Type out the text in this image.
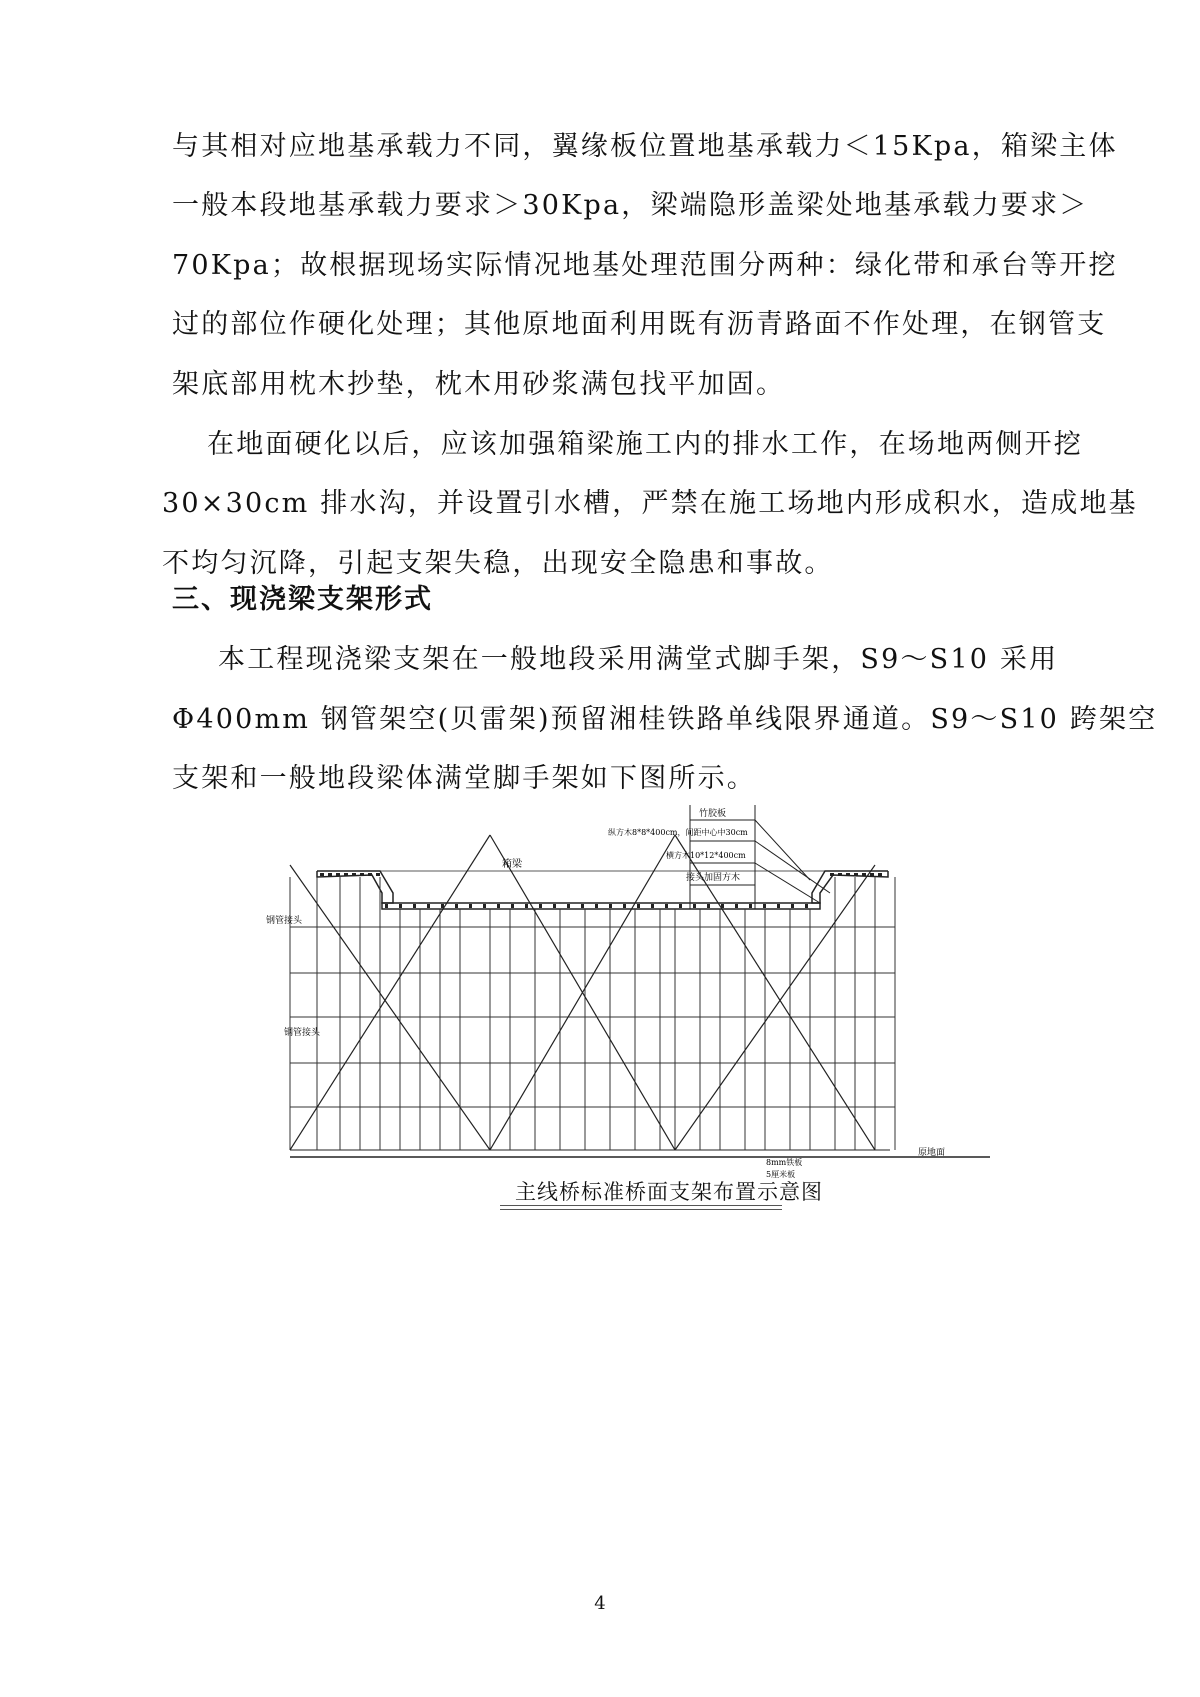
与其相对应地基承载力不同，翼缘板位置地基承载力＜15Kpa，箱梁主体
一般本段地基承载力要求＞30Kpa，梁端隐形盖梁处地基承载力要求＞
70Kpa；故根据现场实际情况地基处理范围分两种：绿化带和承台等开挖
过的部位作硬化处理；其他原地面利用既有沥青路面不作处理，在钢管支
架底部用枕木抄垫，枕木用砂浆满包找平加固。
在地面硬化以后，应该加强箱梁施工内的排水工作，在场地两侧开挖
30×30cm 排水沟，并设置引水槽，严禁在施工场地内形成积水，造成地基
不均匀沉降，引起支架失稳，出现安全隐患和事故。
三、现浇梁支架形式
本工程现浇梁支架在一般地段采用满堂式脚手架，S9～S10 采用
Φ400mm 钢管架空(贝雷架)预留湘桂铁路单线限界通道。S9～S10 跨架空
支架和一般地段梁体满堂脚手架如下图所示。
竹胶板
纵方木8*8*400cm，间距中心中30cm
箱梁
横方木10*12*400cm
接头加固方木
钢管接头
钢管接头
原地面
8mm铁板
5厘米板
主线桥标准桥面支架布置示意图
4
